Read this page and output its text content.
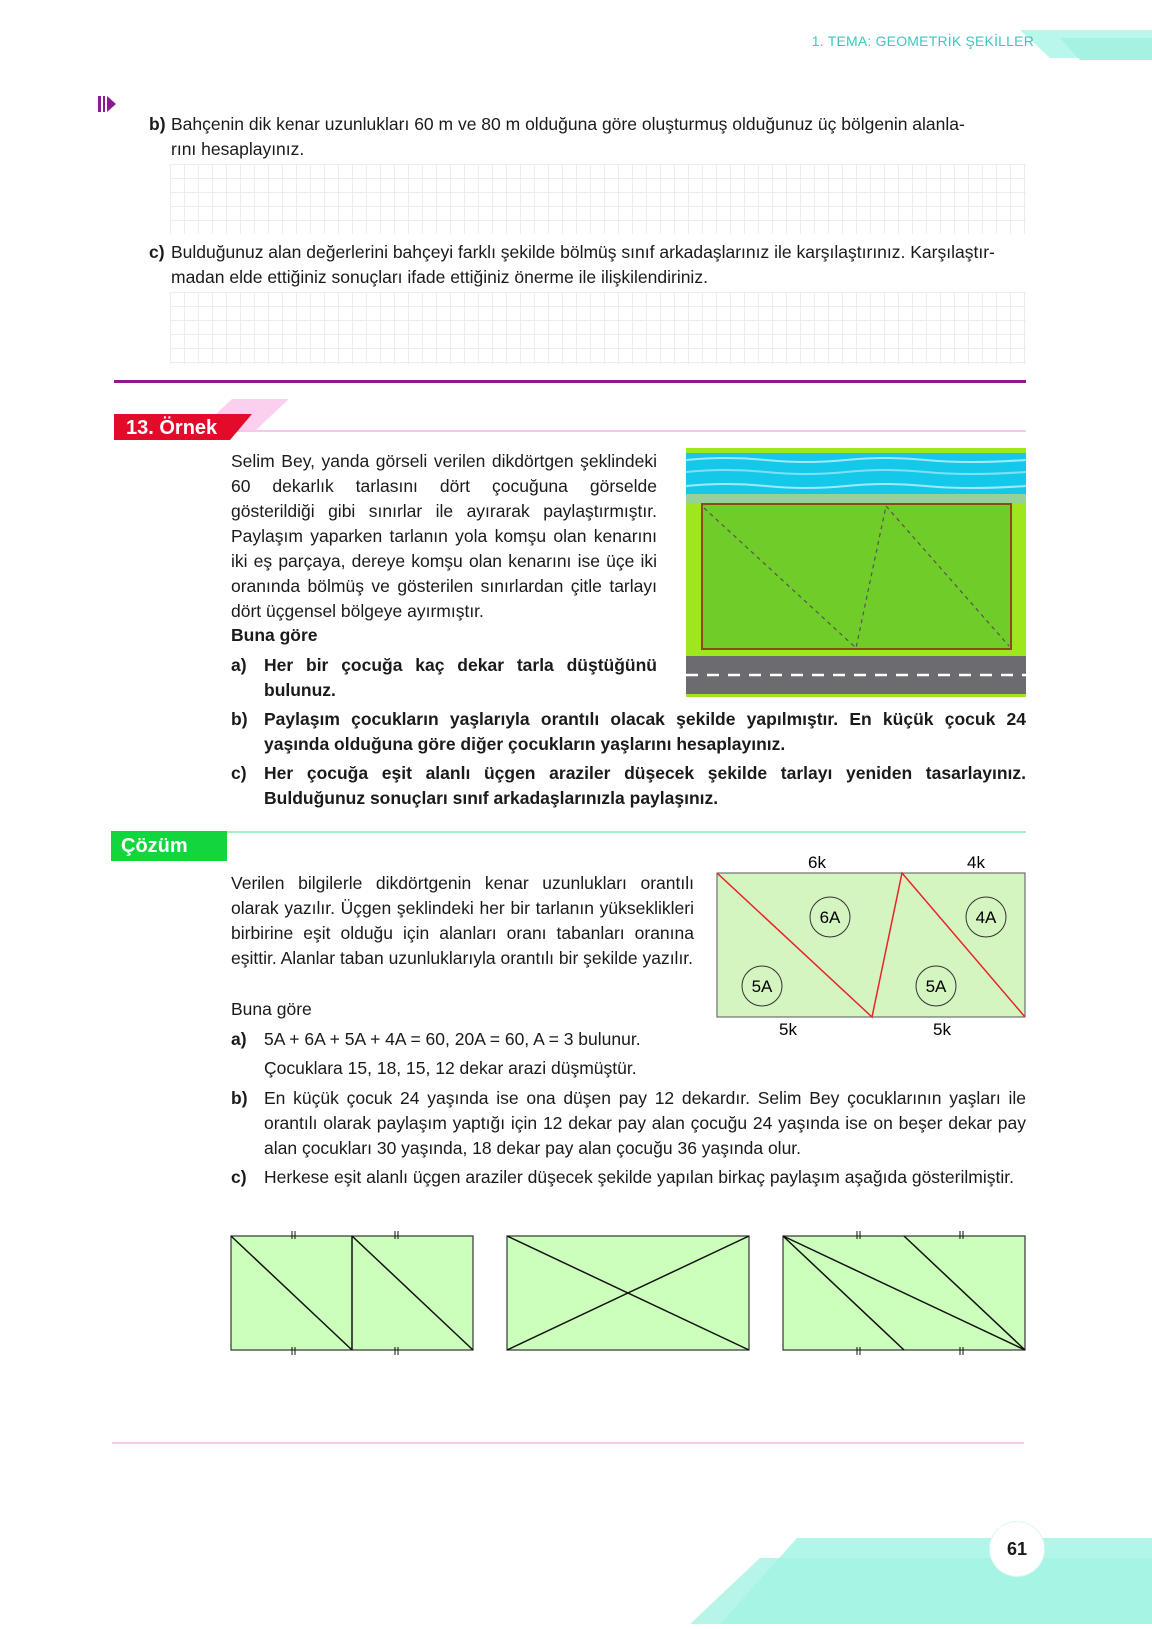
1. TEMA: GEOMETRİK ŞEKİLLER
b) Bahçenin dik kenar uzunlukları 60 m ve 80 m olduğuna göre oluşturmuş olduğunuz üç bölgenin alanla-
rını hesaplayınız.
c) Bulduğunuz alan değerlerini bahçeyi farklı şekilde bölmüş sınıf arkadaşlarınız ile karşılaştırınız. Karşılaştır-
madan elde ettiğiniz sonuçları ifade ettiğiniz önerme ile ilişkilendiriniz.
13. Örnek
Selim Bey, yanda görseli verilen dikdörtgen şeklindeki 60 dekarlık tarlasını dört çocuğuna görselde gösterildiği gibi sınırlar ile ayırarak paylaştırmıştır. Paylaşım yaparken tarlanın yola komşu olan kenarını iki eş parçaya, dereye komşu olan kenarını ise üçe iki oranında bölmüş ve gösterilen sınırlardan çitle tarlayı dört üçgensel bölgeye ayırmıştır.
Buna göre
a) Her bir çocuğa kaç dekar tarla düştüğünü bulunuz.
b) Paylaşım çocukların yaşlarıyla orantılı olacak şekilde yapılmıştır. En küçük çocuk 24 yaşında olduğuna göre diğer çocukların yaşlarını hesaplayınız.
c) Her çocuğa eşit alanlı üçgen araziler düşecek şekilde tarlayı yeniden tasarlayınız. Bulduğunuz sonuçları sınıf arkadaşlarınızla paylaşınız.
Çözüm
Verilen bilgilerle dikdörtgenin kenar uzunlukları orantılı olarak yazılır. Üçgen şeklindeki her bir tarlanın yükseklikleri birbirine eşit olduğu için alanları oranı tabanları oranına eşittir. Alanlar taban uzunluklarıyla orantılı bir şekilde yazılır.
Buna göre
6k	4k
5k	5k
6A	4A
5A	5A
a) 5A + 6A + 5A + 4A = 60, 20A = 60, A = 3 bulunur.
Çocuklara 15, 18, 15, 12 dekar arazi düşmüştür.
b) En küçük çocuk 24 yaşında ise ona düşen pay 12 dekardır. Selim Bey çocuklarının yaşları ile orantılı olarak paylaşım yaptığı için 12 dekar pay alan çocuğu 24 yaşında ise on beşer dekar pay alan çocukları 30 yaşında, 18 dekar pay alan çocuğu 36 yaşında olur.
c) Herkese eşit alanlı üçgen araziler düşecek şekilde yapılan birkaç paylaşım aşağıda gösterilmiştir.
61
